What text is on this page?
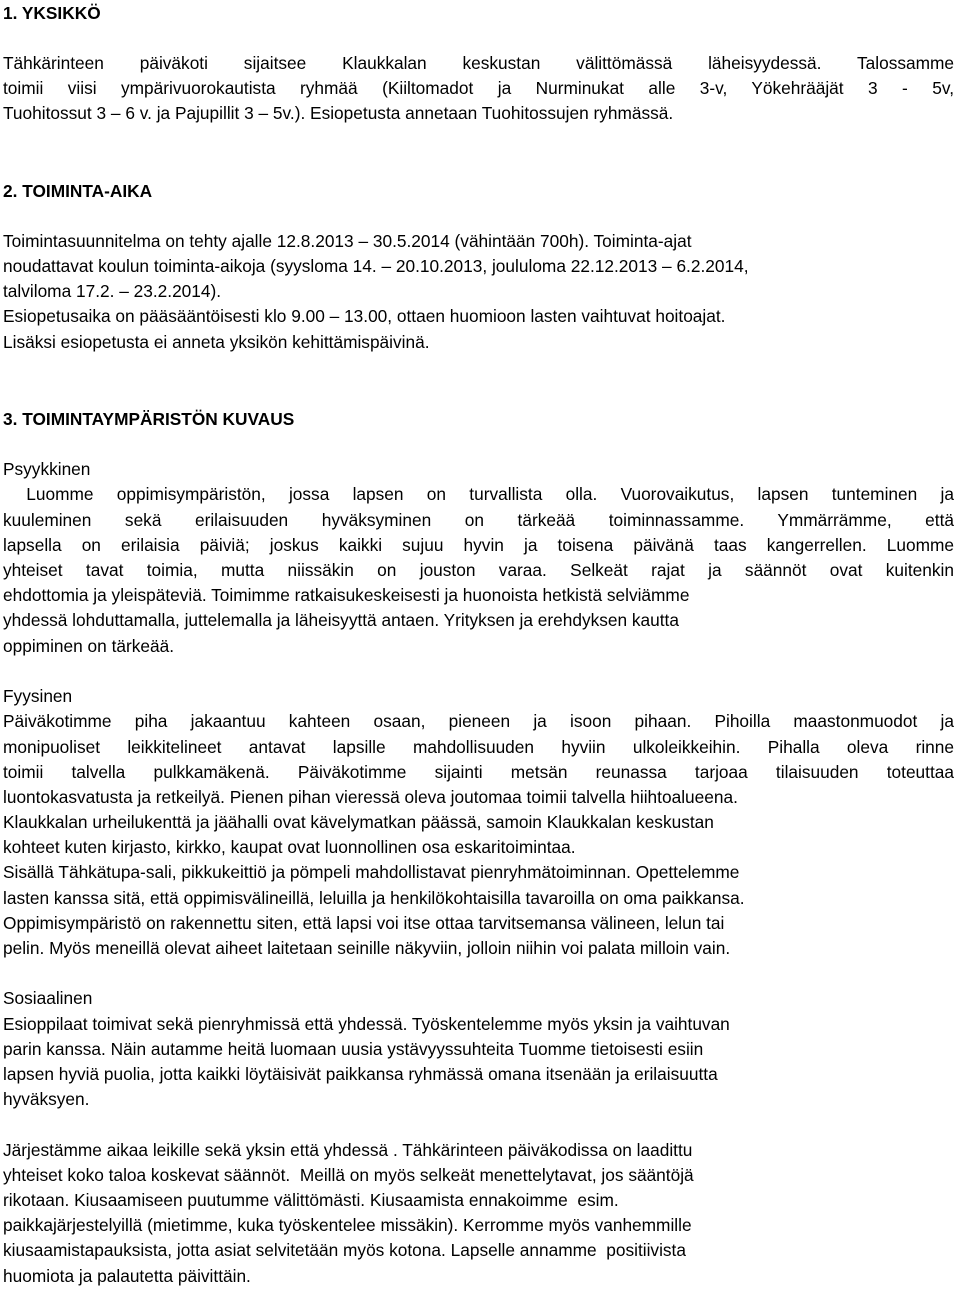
1. YKSIKKÖ
Tähkärinteen päiväkoti sijaitsee Klaukkalan keskustan välittömässä läheisyydessä. Talossamme
toimii viisi ympärivuorokautista ryhmää (Kiiltomadot ja Nurminukat alle 3-v, Yökehrääjät 3 - 5v,
Tuohitossut 3 – 6 v. ja Pajupillit 3 – 5v.). Esiopetusta annetaan Tuohitossujen ryhmässä.
2. TOIMINTA-AIKA
Toimintasuunnitelma on tehty ajalle 12.8.2013 – 30.5.2014 (vähintään 700h). Toiminta-ajat
noudattavat koulun toiminta-aikoja (syysloma 14. – 20.10.2013, joululoma 22.12.2013 – 6.2.2014,
talviloma 17.2. – 23.2.2014).
Esiopetusaika on pääsääntöisesti klo 9.00 – 13.00, ottaen huomioon lasten vaihtuvat hoitoajat.
Lisäksi esiopetusta ei anneta yksikön kehittämispäivinä.
3. TOIMINTAYMPÄRISTÖN KUVAUS
Psyykkinen
Luomme oppimisympäristön, jossa lapsen on turvallista olla. Vuorovaikutus, lapsen tunteminen ja
kuuleminen sekä erilaisuuden hyväksyminen on tärkeää toiminnassamme. Ymmärrämme, että
lapsella on erilaisia päiviä; joskus kaikki sujuu hyvin ja toisena päivänä taas kangerrellen. Luomme
yhteiset tavat toimia, mutta niissäkin on jouston varaa. Selkeät rajat ja säännöt ovat kuitenkin
ehdottomia ja yleispäteviä. Toimimme ratkaisukeskeisesti ja huonoista hetkistä selviämme
yhdessä lohduttamalla, juttelemalla ja läheisyyttä antaen. Yrityksen ja erehdyksen kautta
oppiminen on tärkeää.
Fyysinen
Päiväkotimme piha jakaantuu kahteen osaan, pieneen ja isoon pihaan. Pihoilla maastonmuodot ja
monipuoliset leikkitelineet antavat lapsille mahdollisuuden hyviin ulkoleikkeihin. Pihalla oleva rinne
toimii talvella pulkkamäkenä. Päiväkotimme sijainti metsän reunassa tarjoaa tilaisuuden toteuttaa
luontokasvatusta ja retkeilyä. Pienen pihan vieressä oleva joutomaa toimii talvella hiihtoalueena.
Klaukkalan urheilukenttä ja jäähalli ovat kävelymatkan päässä, samoin Klaukkalan keskustan
kohteet kuten kirjasto, kirkko, kaupat ovat luonnollinen osa eskaritoimintaa.
Sisällä Tähkätupa-sali, pikkukeittiö ja pömpeli mahdollistavat pienryhmätoiminnan. Opettelemme
lasten kanssa sitä, että oppimisvälineillä, leluilla ja henkilökohtaisilla tavaroilla on oma paikkansa.
Oppimisympäristö on rakennettu siten, että lapsi voi itse ottaa tarvitsemansa välineen, lelun tai
pelin. Myös meneillä olevat aiheet laitetaan seinille näkyviin, jolloin niihin voi palata milloin vain.
Sosiaalinen
Esioppilaat toimivat sekä pienryhmissä että yhdessä. Työskentelemme myös yksin ja vaihtuvan
parin kanssa. Näin autamme heitä luomaan uusia ystävyyssuhteita Tuomme tietoisesti esiin
lapsen hyviä puolia, jotta kaikki löytäisivät paikkansa ryhmässä omana itsenään ja erilaisuutta
hyväksyen.
Järjestämme aikaa leikille sekä yksin että yhdessä . Tähkärinteen päiväkodissa on laadittu
yhteiset koko taloa koskevat säännöt.  Meillä on myös selkeät menettelytavat, jos sääntöjä
rikotaan. Kiusaamiseen puutumme välittömästi. Kiusaamista ennakoimme  esim.
paikkajärjestelyillä (mietimme, kuka työskentelee missäkin). Kerromme myös vanhemmille
kiusaamistapauksista, jotta asiat selvitetään myös kotona. Lapselle annamme  positiivista
huomiota ja palautetta päivittäin.
